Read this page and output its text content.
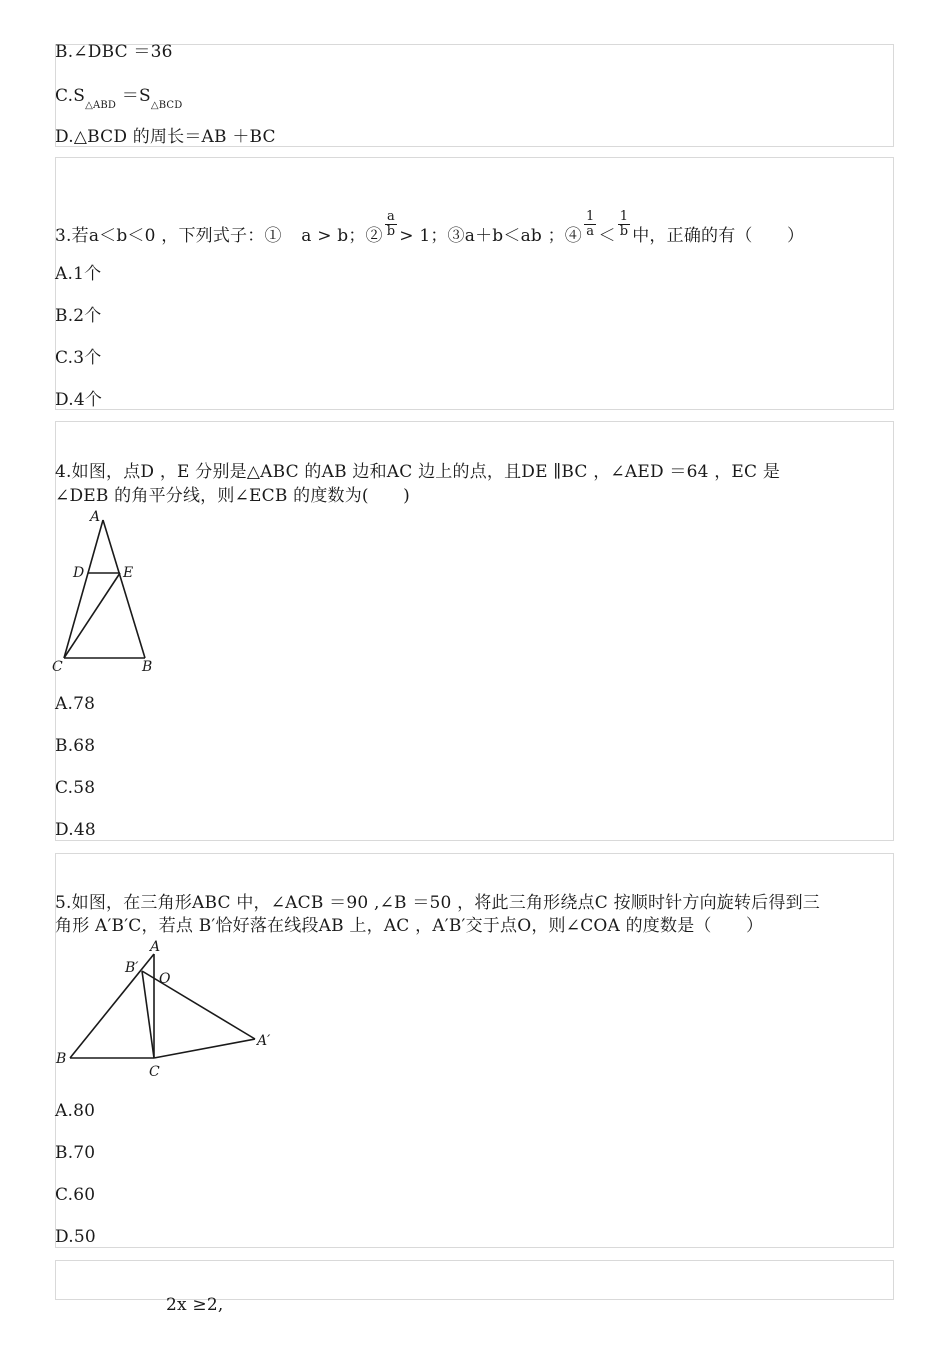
B.∠DBC ＝36
$C.S_{\triangle ABD} =S_{\triangle BCD}$
D.△BCD 的周长＝AB ＋BC
3.若a＜b＜0 ，下列式子：① a > b；② $\frac{a}{b} > 1$；③a＋b＜ab ；④ $\frac{1}{a} < \frac{1}{b}$ 中，正确的有（　　）
A.1个
B.2个
C.3个
D.4个
4.如图，点D ，E 分别是△ABC 的AB 边和AC 边上的点，且DE ∥BC ，∠AED ＝64 ，EC 是
∠DEB 的角平分线，则∠ECB 的度数为(　　)
A
D	E
C	B
A.78
B.68
C.58
D.48
5.如图，在三角形ABC 中，∠ACB ＝90 ,∠B ＝50 ，将此三角形绕点C 按顺时针方向旋转后得到三
角形 A′B′C，若点 B′恰好落在线段AB 上，AC ，A′B′交于点O，则∠COA 的度数是（　　）
A
B′
O
A′
B
C
A.80
B.70
C.60
D.50
2x ≥2,
